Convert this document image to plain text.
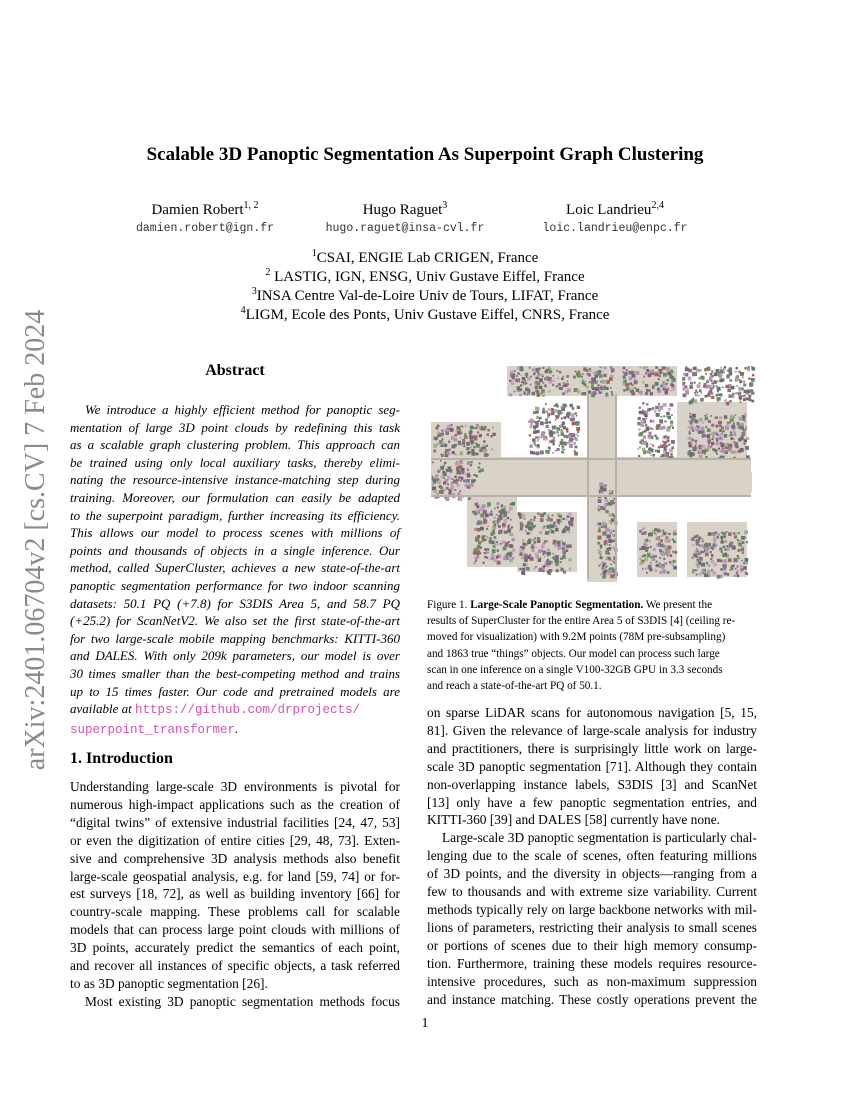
arXiv:2401.06704v2 [cs.CV] 7 Feb 2024
Scalable 3D Panoptic Segmentation As Superpoint Graph Clustering
Damien Robert$^{1, 2}$
damien.robert@ign.fr
Hugo Raguet$^3$
hugo.raguet@insa-cvl.fr
Loic Landrieu$^{2,4}$
loic.landrieu@enpc.fr
$^1$CSAI, ENGIE Lab CRIGEN, France
$^2$ LASTIG, IGN, ENSG, Univ Gustave Eiffel, France
$^3$INSA Centre Val-de-Loire Univ de Tours, LIFAT, France
$^4$LIGM, Ecole des Ponts, Univ Gustave Eiffel, CNRS, France
Abstract
We introduce a highly efficient method for panoptic seg-
mentation of large 3D point clouds by redefining this task
as a scalable graph clustering problem. This approach can
be trained using only local auxiliary tasks, thereby elimi-
nating the resource-intensive instance-matching step during
training. Moreover, our formulation can easily be adapted
to the superpoint paradigm, further increasing its efficiency.
This allows our model to process scenes with millions of
points and thousands of objects in a single inference. Our
method, called SuperCluster, achieves a new state-of-the-art
panoptic segmentation performance for two indoor scanning
datasets: 50.1 PQ (+7.8) for S3DIS Area 5, and 58.7 PQ
(+25.2) for ScanNetV2. We also set the first state-of-the-art
for two large-scale mobile mapping benchmarks: KITTI-360
and DALES. With only 209k parameters, our model is over
30 times smaller than the best-competing method and trains
up to 15 times faster. Our code and pretrained models are
available at https://github.com/drprojects/
superpoint_transformer.
1. Introduction
Understanding large-scale 3D environments is pivotal for
numerous high-impact applications such as the creation of
“digital twins” of extensive industrial facilities [24, 47, 53]
or even the digitization of entire cities [29, 48, 73]. Exten-
sive and comprehensive 3D analysis methods also benefit
large-scale geospatial analysis, e.g. for land [59, 74] or for-
est surveys [18, 72], as well as building inventory [66] for
country-scale mapping. These problems call for scalable
models that can process large point clouds with millions of
3D points, accurately predict the semantics of each point,
and recover all instances of specific objects, a task referred
to as 3D panoptic segmentation [26].
Most existing 3D panoptic segmentation methods focus
Figure 1. Large-Scale Panoptic Segmentation. We present the
results of SuperCluster for the entire Area 5 of S3DIS [4] (ceiling re-
moved for visualization) with 9.2M points (78M pre-subsampling)
and 1863 true “things” objects. Our model can process such large
scan in one inference on a single V100-32GB GPU in 3.3 seconds
and reach a state-of-the-art PQ of 50.1.
on sparse LiDAR scans for autonomous navigation [5, 15,
81]. Given the relevance of large-scale analysis for industry
and practitioners, there is surprisingly little work on large-
scale 3D panoptic segmentation [71]. Although they contain
non-overlapping instance labels, S3DIS [3] and ScanNet
[13] only have a few panoptic segmentation entries, and
KITTI-360 [39] and DALES [58] currently have none.
Large-scale 3D panoptic segmentation is particularly chal-
lenging due to the scale of scenes, often featuring millions
of 3D points, and the diversity in objects—ranging from a
few to thousands and with extreme size variability. Current
methods typically rely on large backbone networks with mil-
lions of parameters, restricting their analysis to small scenes
or portions of scenes due to their high memory consump-
tion. Furthermore, training these models requires resource-
intensive procedures, such as non-maximum suppression
and instance matching. These costly operations prevent the
1
